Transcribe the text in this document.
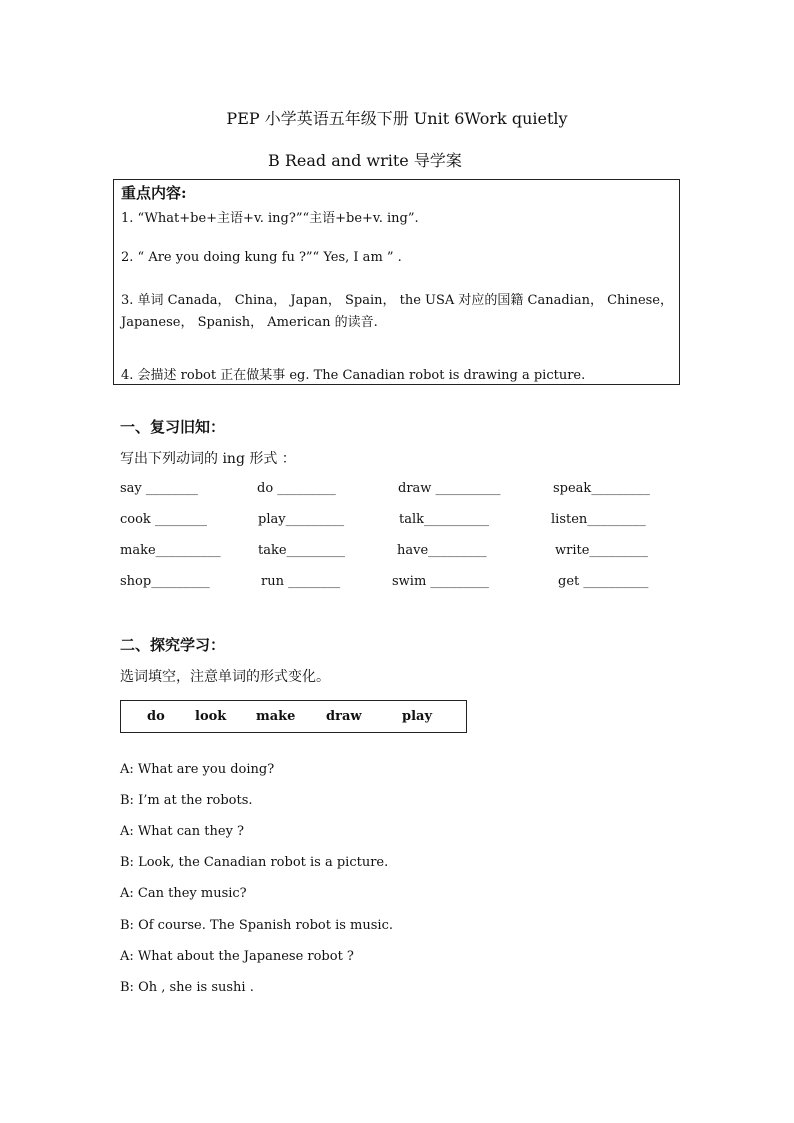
PEP 小学英语五年级下册 Unit 6Work quietly
B Read and write 导学案
重点内容:
1. “What+be+主语+v. ing?”“主语+be+v. ing”.
2. “ Are you doing kung fu ?”“ Yes, I am ” .
3. 单词 Canada， China， Japan， Spain， the USA 对应的国籍 Canadian， Chinese， Japanese， Spanish， American 的读音.
4. 会描述 robot 正在做某事 eg. The Canadian robot is drawing a picture.
一、复习旧知：
写出下列动词的 ing 形式 ：
say ________	do _________	draw __________	speak_________
cook ________	play_________	talk__________	listen_________
make__________	take_________	have_________	write_________
shop_________	run ________	swim _________	get __________
二、探究学习：
选词填空，注意单词的形式变化。
do look make draw	play
A: What are you doing?
B: I’m at the robots.
A: What can they ?
B: Look, the Canadian robot is a picture.
A: Can they music?
B: Of course. The Spanish robot is music.
A: What about the Japanese robot ?
B: Oh , she is sushi .
